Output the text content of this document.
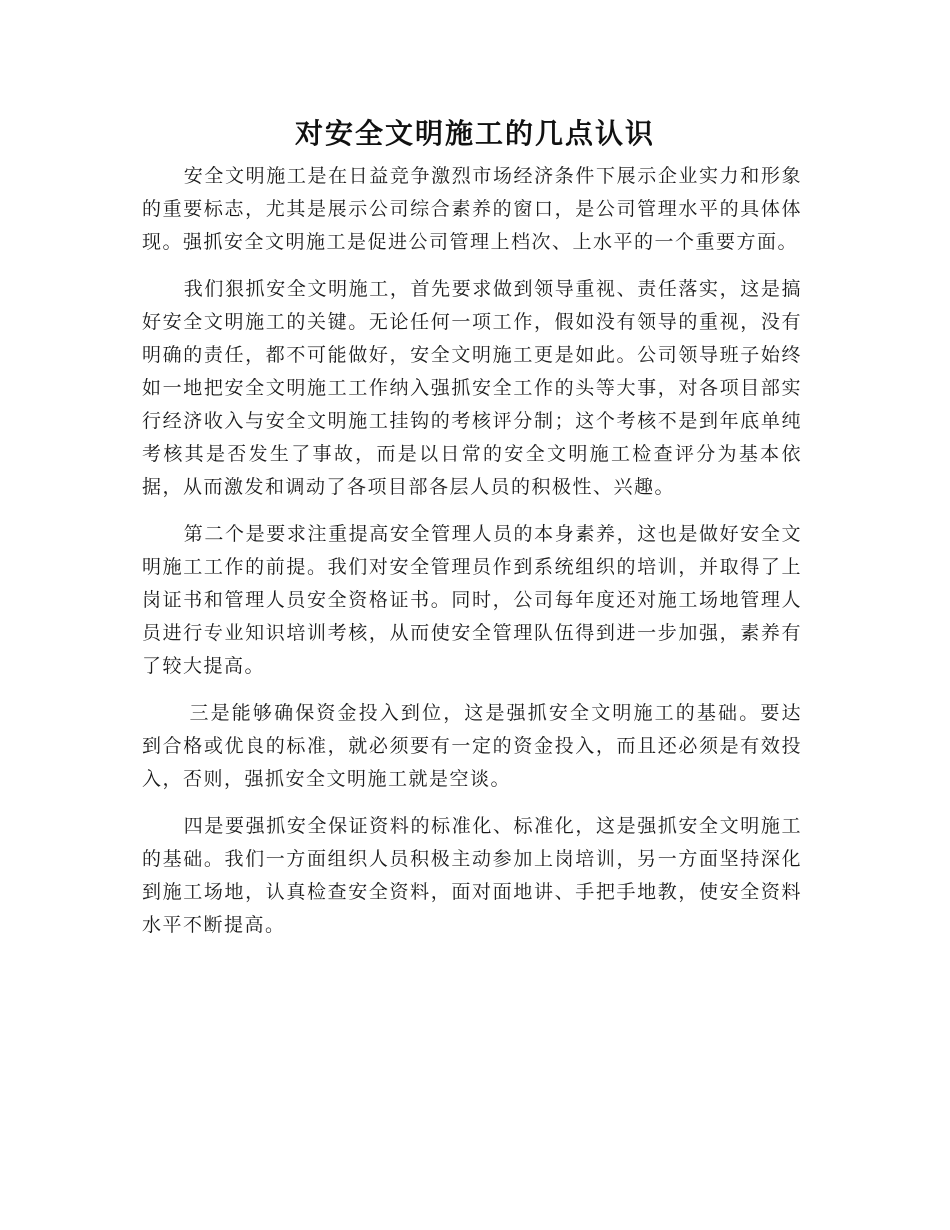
对安全文明施工的几点认识

安全文明施工是在日益竞争激烈市场经济条件下展示企业实力和形象的重要标志，尤其是展示公司综合素养的窗口，是公司管理水平的具体体现。强抓安全文明施工是促进公司管理上档次、上水平的一个重要方面。

我们狠抓安全文明施工，首先要求做到领导重视、责任落实，这是搞好安全文明施工的关键。无论任何一项工作，假如没有领导的重视，没有明确的责任，都不可能做好，安全文明施工更是如此。公司领导班子始终如一地把安全文明施工工作纳入强抓安全工作的头等大事，对各项目部实行经济收入与安全文明施工挂钩的考核评分制；这个考核不是到年底单纯考核其是否发生了事故，而是以日常的安全文明施工检查评分为基本依据，从而激发和调动了各项目部各层人员的积极性、兴趣。

第二个是要求注重提高安全管理人员的本身素养，这也是做好安全文明施工工作的前提。我们对安全管理员作到系统组织的培训，并取得了上岗证书和管理人员安全资格证书。同时，公司每年度还对施工场地管理人员进行专业知识培训考核，从而使安全管理队伍得到进一步加强，素养有了较大提高。

三是能够确保资金投入到位，这是强抓安全文明施工的基础。要达到合格或优良的标准，就必须要有一定的资金投入，而且还必须是有效投入，否则，强抓安全文明施工就是空谈。

四是要强抓安全保证资料的标准化、标准化，这是强抓安全文明施工的基础。我们一方面组织人员积极主动参加上岗培训，另一方面坚持深化到施工场地，认真检查安全资料，面对面地讲、手把手地教，使安全资料水平不断提高。
